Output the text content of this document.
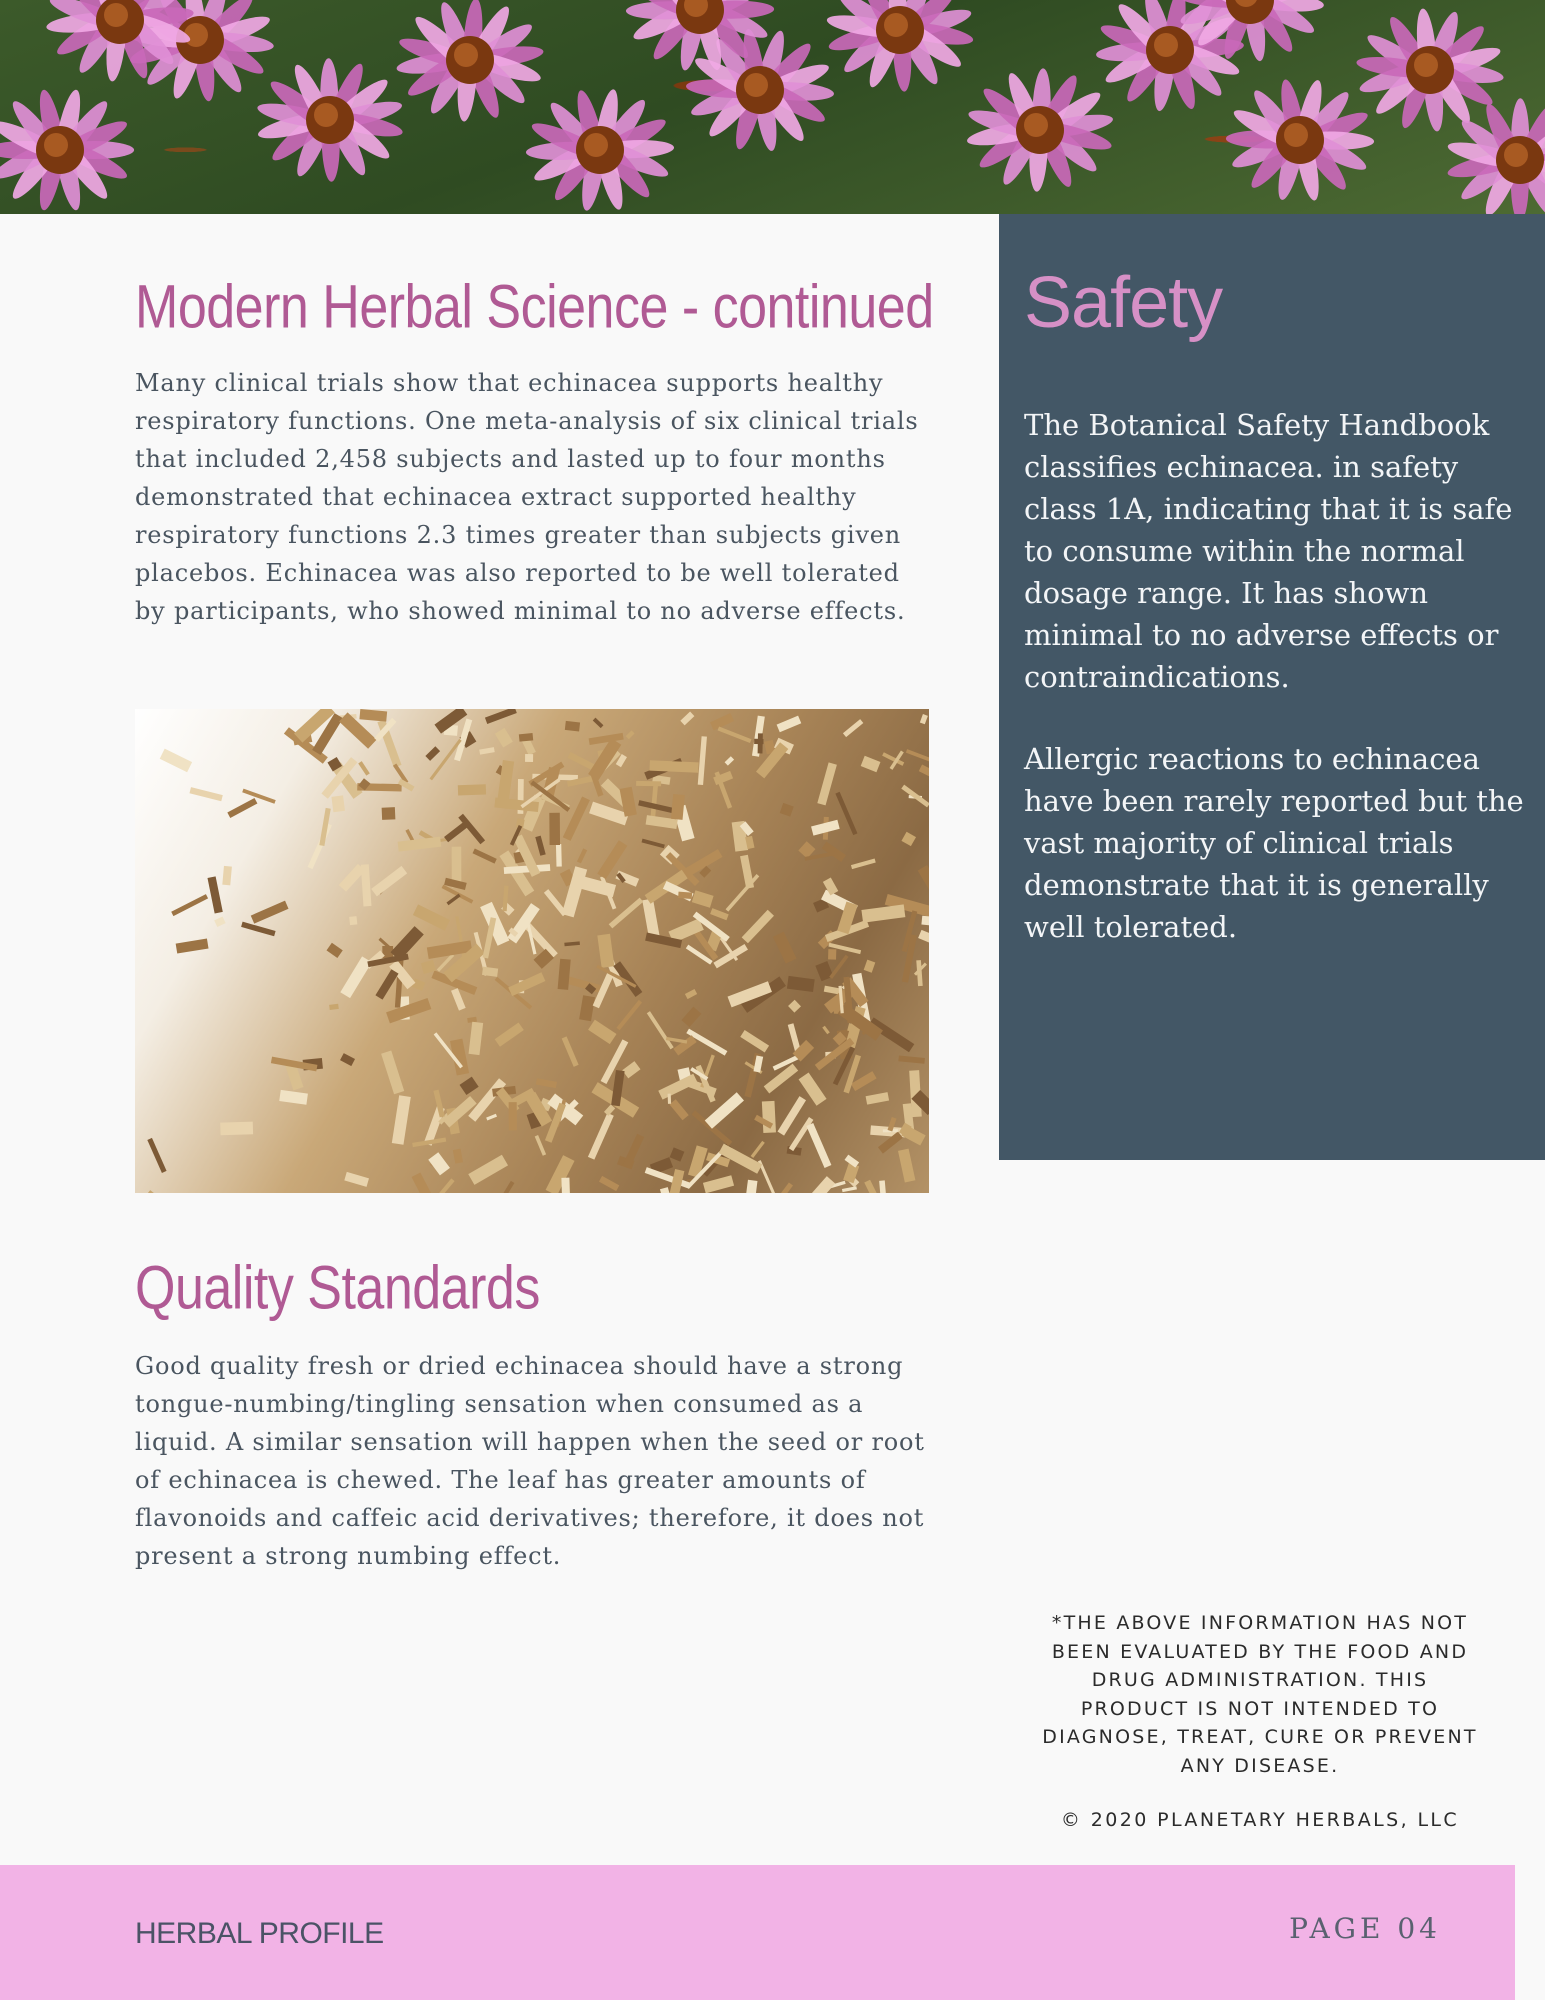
Modern Herbal Science - continued

Many clinical trials show that echinacea supports healthy respiratory functions. One meta-analysis of six clinical trials that included 2,458 subjects and lasted up to four months demonstrated that echinacea extract supported healthy respiratory functions 2.3 times greater than subjects given placebos. Echinacea was also reported to be well tolerated by participants, who showed minimal to no adverse effects.

Quality Standards

Good quality fresh or dried echinacea should have a strong tongue-numbing/tingling sensation when consumed as a liquid. A similar sensation will happen when the seed or root of echinacea is chewed. The leaf has greater amounts of flavonoids and caffeic acid derivatives; therefore, it does not present a strong numbing effect.

Safety

The Botanical Safety Handbook classifies echinacea. in safety class 1A, indicating that it is safe to consume within the normal dosage range. It has shown minimal to no adverse effects or contraindications.

Allergic reactions to echinacea have been rarely reported but the vast majority of clinical trials demonstrate that it is generally well tolerated.

*THE ABOVE INFORMATION HAS NOT BEEN EVALUATED BY THE FOOD AND DRUG ADMINISTRATION. THIS PRODUCT IS NOT INTENDED TO DIAGNOSE, TREAT, CURE OR PREVENT ANY DISEASE.

© 2020 PLANETARY HERBALS, LLC

HERBAL PROFILE	PAGE 04
